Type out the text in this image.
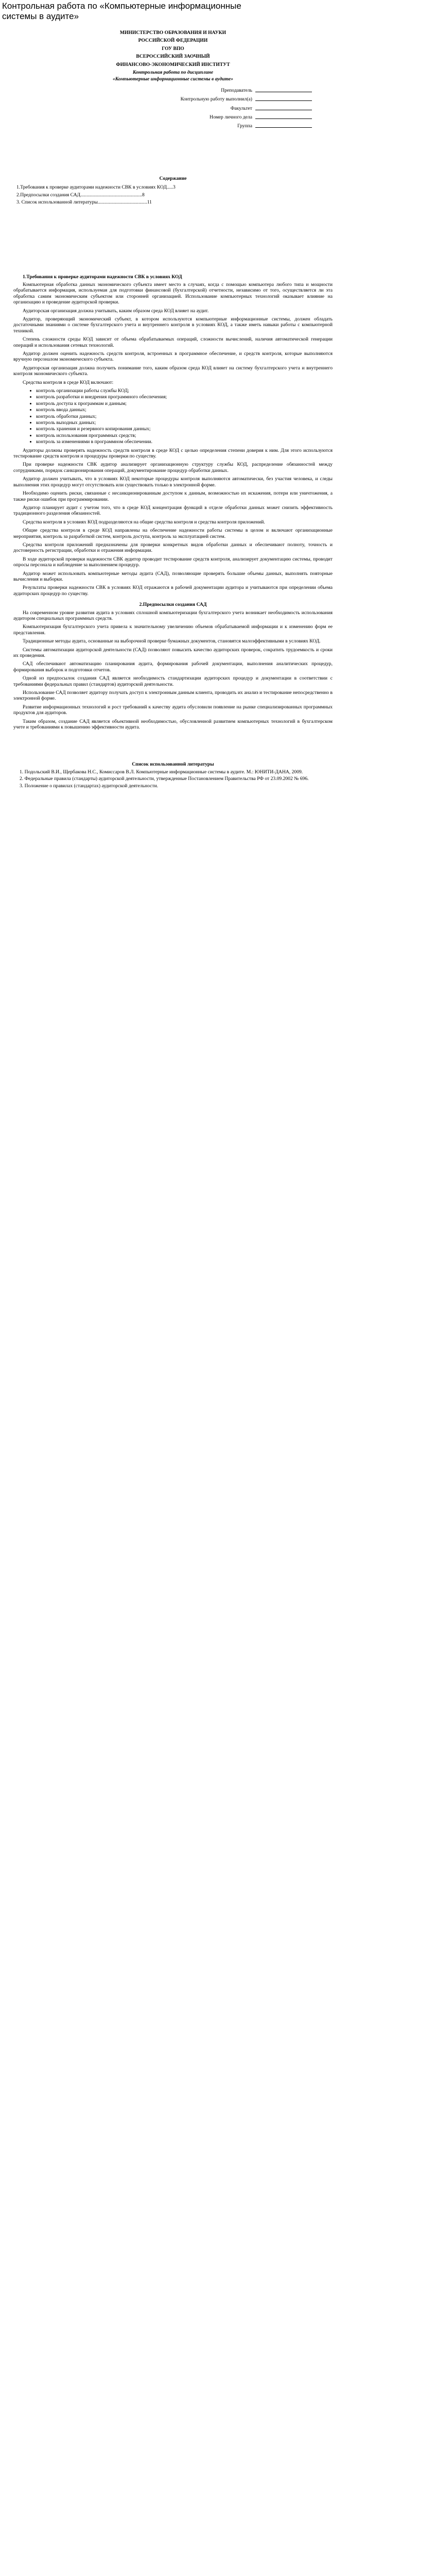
Контрольная работа по «Компьютерные информационные системы в аудите»
МИНИСТЕРСТВО ОБРАЗОВАНИЯ И НАУКИ
РОССИЙСКОЙ ФЕДЕРАЦИИ
ГОУ ВПО
ВСЕРОССИЙСКИЙ ЗАОЧНЫЙ
ФИНАНСОВО-ЭКОНОМИЧЕСКИЙ ИНСТИТУТ
Контрольная работа по дисциплине
«Компьютерные информационные системы в аудите»
Преподаватель
Контрольную работу выполнил(а)
Факультет
Номер личного дела
Группа
Содержание
1.Требования к проверке аудиторами надежности СВК в условиях КОД.....3
2.Предпосылки создания САД..................................................8
3. Список использованной литературы........................................11
1.Требования к проверке аудиторами надежности СВК в условиях КОД

Компьютерная обработка данных экономического субъекта имеет место в случаях, когда с помощью компьютера любого типа и мощности обрабатывается информация, используемая для подготовки финансовой (бухгалтерской) отчетности, независимо от того, осуществляется ли эта обработка самим экономическим субъектом или сторонней организацией. Использование компьютерных технологий оказывает влияние на организацию и проведение аудиторской проверки.

Аудиторская организация должна учитывать, каким образом среда КОД влияет на аудит.

Аудитор, проверяющий экономический субъект, в котором используются компьютерные информационные системы, должен обладать достаточными знаниями о системе бухгалтерского учета и внутреннего контроля в условиях КОД, а также иметь навыки работы с компьютерной техникой.

Степень сложности среды КОД зависит от объема обрабатываемых операций, сложности вычислений, наличия автоматической генерации операций и использования сетевых технологий.

Аудитор должен оценить надежность средств контроля, встроенных в программное обеспечение, и средств контроля, которые выполняются вручную персоналом экономического субъекта.

Аудиторская организация должна получить понимание того, каким образом среда КОД влияет на систему бухгалтерского учета и внутреннего контроля экономического субъекта.

Средства контроля в среде КОД включают:

• контроль организации работы службы КОД;
• контроль разработки и внедрения программного обеспечения;
• контроль доступа к программам и данным;
• контроль ввода данных;
• контроль обработки данных;
• контроль выходных данных;
• контроль хранения и резервного копирования данных;
• контроль использования программных средств;
• контроль за изменениями в программном обеспечении.

Аудиторы должны проверять надежность средств контроля в среде КОД с целью определения степени доверия к ним. Для этого используются тестирование средств контроля и процедуры проверки по существу.

При проверке надежности СВК аудитор анализирует организационную структуру службы КОД, распределение обязанностей между сотрудниками, порядок санкционирования операций, документирование процедур обработки данных.

Аудитор должен учитывать, что в условиях КОД некоторые процедуры контроля выполняются автоматически, без участия человека, и следы выполнения этих процедур могут отсутствовать или существовать только в электронной форме.

Необходимо оценить риски, связанные с несанкционированным доступом к данным, возможностью их искажения, потери или уничтожения, а также риски ошибок при программировании.

Аудитор планирует аудит с учетом того, что в среде КОД концентрация функций в отделе обработки данных может снизить эффективность традиционного разделения обязанностей.

Средства контроля в условиях КОД подразделяются на общие средства контроля и средства контроля приложений.

Общие средства контроля в среде КОД направлены на обеспечение надежности работы системы в целом и включают организационные мероприятия, контроль за разработкой систем, контроль доступа, контроль за эксплуатацией систем.

Средства контроля приложений предназначены для проверки конкретных видов обработки данных и обеспечивают полноту, точность и достоверность регистрации, обработки и отражения информации.

В ходе аудиторской проверки надежности СВК аудитор проводит тестирование средств контроля, анализирует документацию системы, проводит опросы персонала и наблюдение за выполнением процедур.

Аудитор может использовать компьютерные методы аудита (САД), позволяющие проверять большие объемы данных, выполнять повторные вычисления и выборки.

Результаты проверки надежности СВК в условиях КОД отражаются в рабочей документации аудитора и учитываются при определении объема аудиторских процедур по существу.

2.Предпосылки создания САД

На современном уровне развития аудита в условиях сплошной компьютеризации бухгалтерского учета возникает необходимость использования аудитором специальных программных средств.

Компьютеризация бухгалтерского учета привела к значительному увеличению объемов обрабатываемой информации и к изменению форм ее представления.

Традиционные методы аудита, основанные на выборочной проверке бумажных документов, становятся малоэффективными в условиях КОД.

Системы автоматизации аудиторской деятельности (САД) позволяют повысить качество аудиторских проверок, сократить трудоемкость и сроки их проведения.

САД обеспечивают автоматизацию планирования аудита, формирования рабочей документации, выполнения аналитических процедур, формирования выборок и подготовки отчетов.

Одной из предпосылок создания САД является необходимость стандартизации аудиторских процедур и документации в соответствии с требованиями федеральных правил (стандартов) аудиторской деятельности.

Использование САД позволяет аудитору получать доступ к электронным данным клиента, проводить их анализ и тестирование непосредственно в электронной форме.

Развитие информационных технологий и рост требований к качеству аудита обусловили появление на рынке специализированных программных продуктов для аудиторов.

Таким образом, создание САД является объективной необходимостью, обусловленной развитием компьютерных технологий в бухгалтерском учете и требованиями к повышению эффективности аудита.

Список использованной литературы
1. Подольский В.И., Щербакова Н.С., Комиссаров В.Л. Компьютерные информационные системы в аудите. М.: ЮНИТИ-ДАНА, 2009.
2. Федеральные правила (стандарты) аудиторской деятельности, утвержденные Постановлением Правительства РФ от 23.09.2002 № 696.
3. Положение о правилах (стандартах) аудиторской деятельности.
